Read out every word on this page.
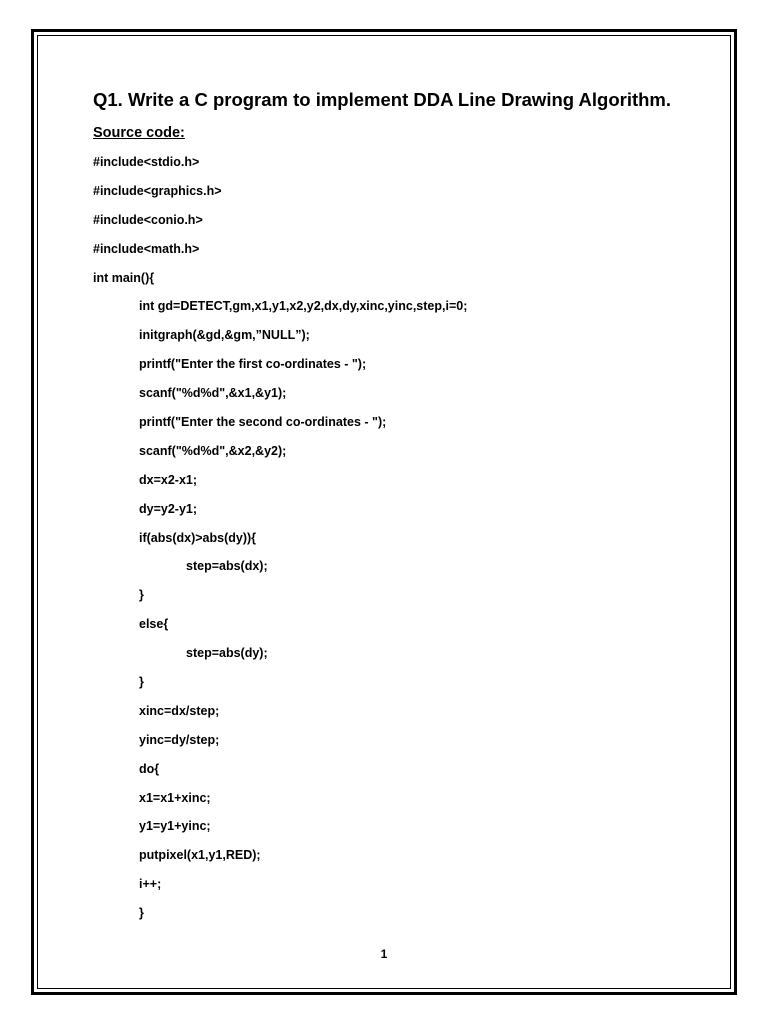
Q1. Write a C program to implement DDA Line Drawing Algorithm.
Source code:
#include<stdio.h>
#include<graphics.h>
#include<conio.h>
#include<math.h>
int main(){
int gd=DETECT,gm,x1,y1,x2,y2,dx,dy,xinc,yinc,step,i=0;
initgraph(&gd,&gm,”NULL”);
printf("Enter the first co-ordinates - ");
scanf("%d%d",&x1,&y1);
printf("Enter the second co-ordinates - ");
scanf("%d%d",&x2,&y2);
dx=x2-x1;
dy=y2-y1;
if(abs(dx)>abs(dy)){
step=abs(dx);
}
else{
step=abs(dy);
}
xinc=dx/step;
yinc=dy/step;
do{
x1=x1+xinc;
y1=y1+yinc;
putpixel(x1,y1,RED);
i++;
}
1
